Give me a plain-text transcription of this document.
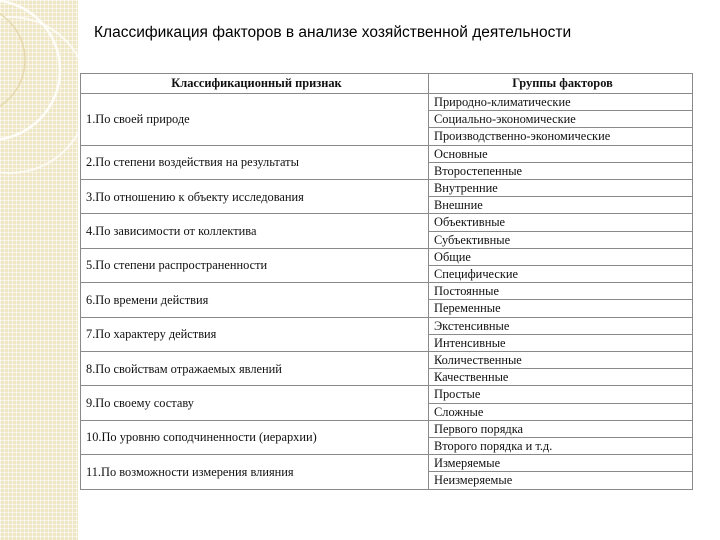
Классификация факторов в анализе хозяйственной деятельности
Классификационный признак	Группы факторов
1.По своей природе	Природно-климатические
	Социально-экономические
	Производственно-экономические
2.По степени воздействия на результаты	Основные
	Второстепенные
3.По отношению к объекту исследования	Внутренние
	Внешние
4.По зависимости от коллектива	Объективные
	Субъективные
5.По степени распространенности	Общие
	Специфические
6.По времени действия	Постоянные
	Переменные
7.По характеру действия	Экстенсивные
	Интенсивные
8.По свойствам отражаемых явлений	Количественные
	Качественные
9.По своему составу	Простые
	Сложные
10.По уровню соподчиненности (иерархии)	Первого порядка
	Второго порядка и т.д.
11.По возможности измерения влияния	Измеряемые
	Неизмеряемые
